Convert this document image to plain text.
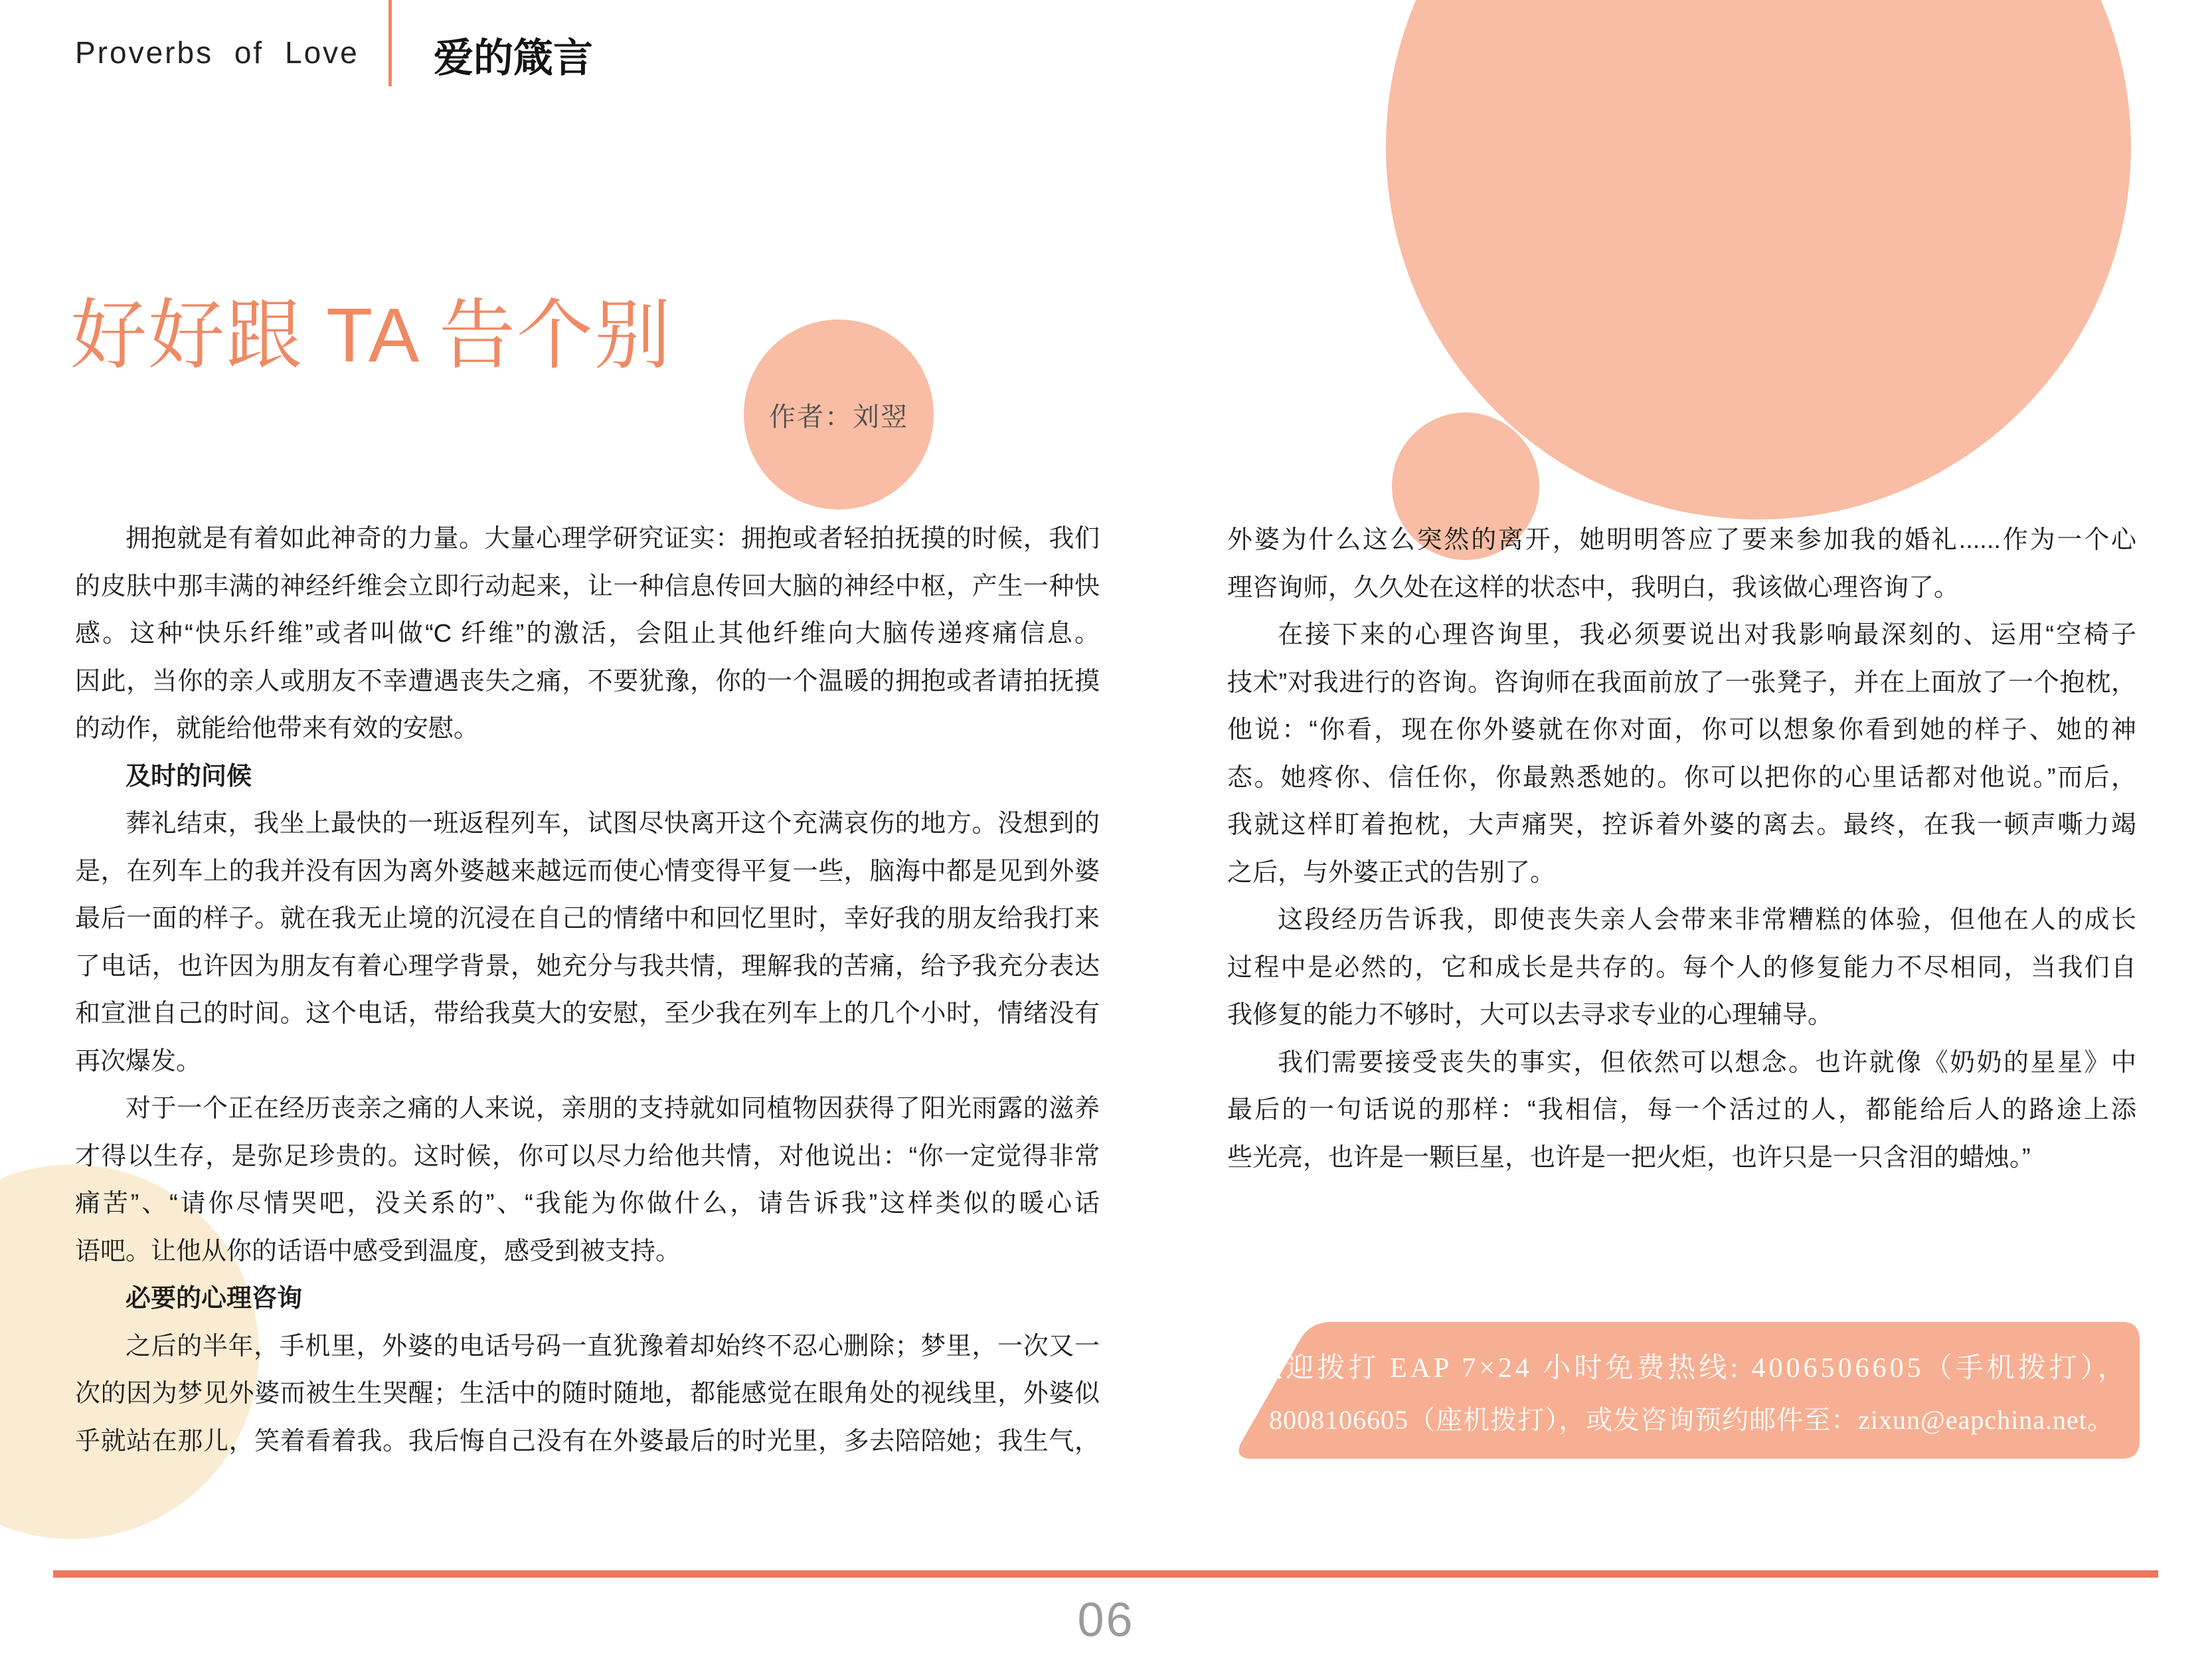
Proverbs of Love 爱的箴言
好好跟 TA 告个别
作者：刘翌
拥抱就是有着如此神奇的力量。大量心理学研究证实：拥抱或者轻拍抚摸的时候，我们
的皮肤中那丰满的神经纤维会立即行动起来，让一种信息传回大脑的神经中枢，产生一种快
感。这种“快乐纤维”或者叫做“C 纤维”的激活，会阻止其他纤维向大脑传递疼痛信息。
因此，当你的亲人或朋友不幸遭遇丧失之痛，不要犹豫，你的一个温暖的拥抱或者请拍抚摸
的动作，就能给他带来有效的安慰。
及时的问候
葬礼结束，我坐上最快的一班返程列车，试图尽快离开这个充满哀伤的地方。没想到的
是，在列车上的我并没有因为离外婆越来越远而使心情变得平复一些，脑海中都是见到外婆
最后一面的样子。就在我无止境的沉浸在自己的情绪中和回忆里时，幸好我的朋友给我打来
了电话，也许因为朋友有着心理学背景，她充分与我共情，理解我的苦痛，给予我充分表达
和宣泄自己的时间。这个电话，带给我莫大的安慰，至少我在列车上的几个小时，情绪没有
再次爆发。
对于一个正在经历丧亲之痛的人来说，亲朋的支持就如同植物因获得了阳光雨露的滋养
才得以生存，是弥足珍贵的。这时候，你可以尽力给他共情，对他说出：“你一定觉得非常
痛苦”、“请你尽情哭吧，没关系的”、“我能为你做什么，请告诉我”这样类似的暖心话
语吧。让他从你的话语中感受到温度，感受到被支持。
必要的心理咨询
之后的半年，手机里，外婆的电话号码一直犹豫着却始终不忍心删除；梦里，一次又一
次的因为梦见外婆而被生生哭醒；生活中的随时随地，都能感觉在眼角处的视线里，外婆似
乎就站在那儿，笑着看着我。我后悔自己没有在外婆最后的时光里，多去陪陪她；我生气，
外婆为什么这么突然的离开，她明明答应了要来参加我的婚礼......作为一个心
理咨询师，久久处在这样的状态中，我明白，我该做心理咨询了。
在接下来的心理咨询里，我必须要说出对我影响最深刻的、运用“空椅子
技术”对我进行的咨询。咨询师在我面前放了一张凳子，并在上面放了一个抱枕，
他说：“你看，现在你外婆就在你对面，你可以想象你看到她的样子、她的神
态。她疼你、信任你，你最熟悉她的。你可以把你的心里话都对他说。”而后，
我就这样盯着抱枕，大声痛哭，控诉着外婆的离去。最终，在我一顿声嘶力竭
之后，与外婆正式的告别了。
这段经历告诉我，即使丧失亲人会带来非常糟糕的体验，但他在人的成长
过程中是必然的，它和成长是共存的。每个人的修复能力不尽相同，当我们自
我修复的能力不够时，大可以去寻求专业的心理辅导。
我们需要接受丧失的事实，但依然可以想念。也许就像《奶奶的星星》中
最后的一句话说的那样：“我相信，每一个活过的人，都能给后人的路途上添
些光亮，也许是一颗巨星，也许是一把火炬，也许只是一只含泪的蜡烛。”
欢迎拨打 EAP 7×24 小时免费热线: 4006506605（手机拨打），
8008106605（座机拨打），或发咨询预约邮件至：zixun@eapchina.net。
06
